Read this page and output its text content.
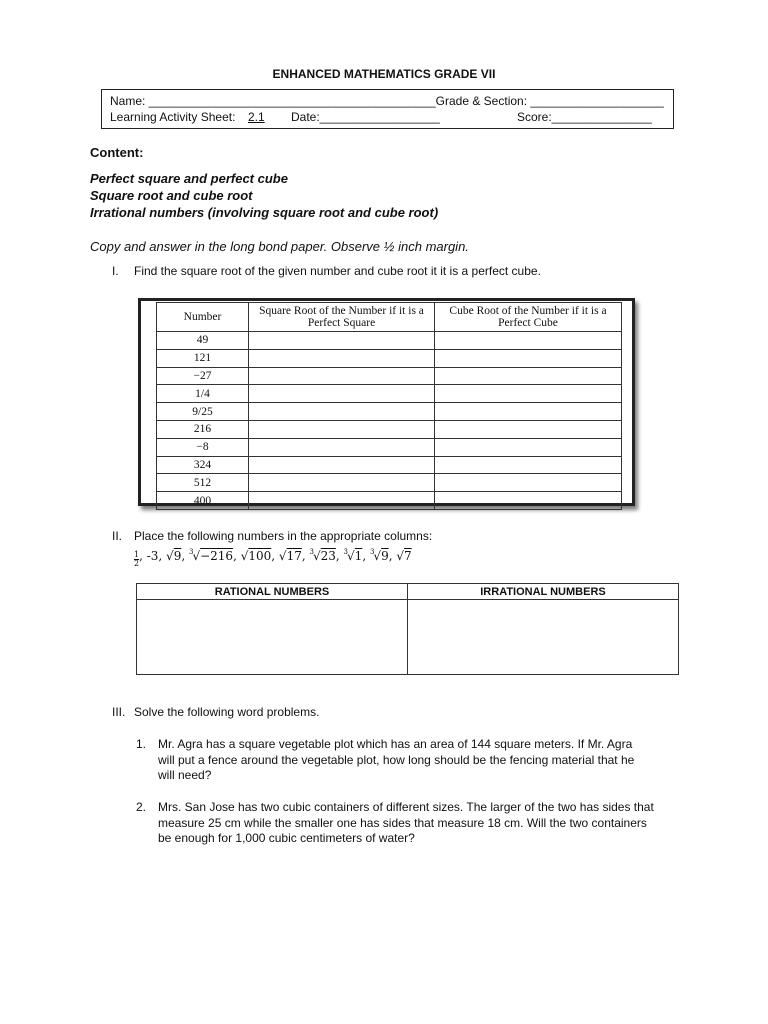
ENHANCED MATHEMATICS GRADE VII
Name: ___________________________________________Grade & Section: ____________________
Learning Activity Sheet: 2.1 Date:__________________	Score:_______________
Content:
Perfect square and perfect cube
Square root and cube root
Irrational numbers (involving square root and cube root)
Copy and answer in the long bond paper. Observe ½ inch margin.
I. Find the square root of the given number and cube root it it is a perfect cube.
Number	Square Root of the Number if it is a Perfect Square	Cube Root of the Number if it is a Perfect Cube
49		
121		
−27		
1/4		
9/25		
216		
−8		
324		
512		
400		
II. Place the following numbers in the appropriate columns:
$\frac{1}{2}$ , -3, √9, $^3$√−216, √100, √17, $^3$√23, $^3$√1, $^3$√9, √7
RATIONAL NUMBERS	IRRATIONAL NUMBERS

III. Solve the following word problems.
1. Mr. Agra has a square vegetable plot which has an area of 144 square meters. If Mr. Agra
will put a fence around the vegetable plot, how long should be the fencing material that he
will need?
2. Mrs. San Jose has two cubic containers of different sizes. The larger of the two has sides that
measure 25 cm while the smaller one has sides that measure 18 cm. Will the two containers
be enough for 1,000 cubic centimeters of water?
